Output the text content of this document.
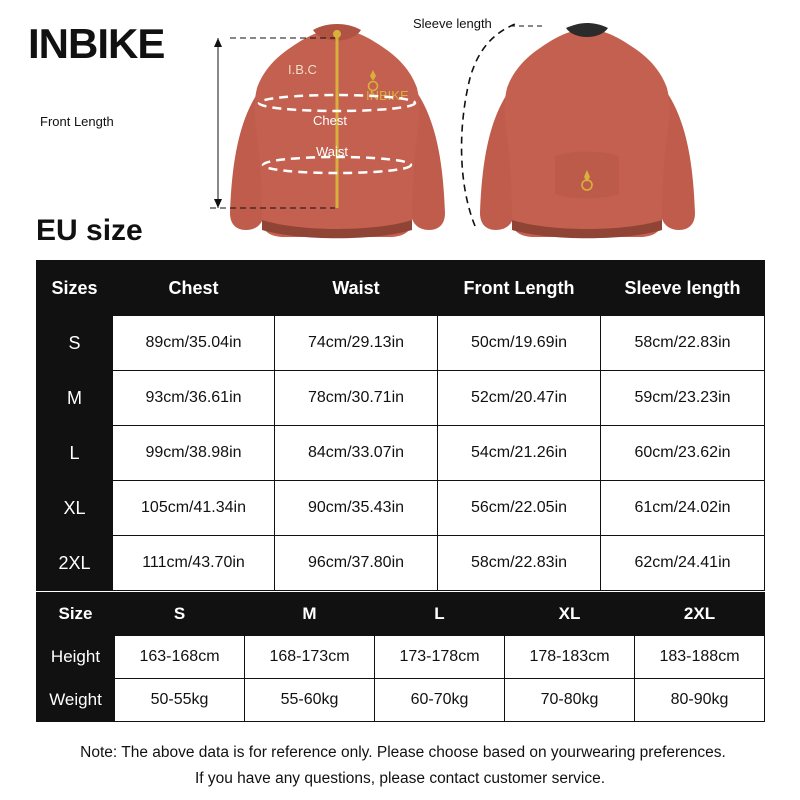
INBIKE
I.B.C
INBIKE
Chest
Waist
Front Length
Sleeve length
EU size
Sizes	Chest	Waist	Front Length	Sleeve length
S	89cm/35.04in	74cm/29.13in	50cm/19.69in	58cm/22.83in
M	93cm/36.61in	78cm/30.71in	52cm/20.47in	59cm/23.23in
L	99cm/38.98in	84cm/33.07in	54cm/21.26in	60cm/23.62in
XL	105cm/41.34in	90cm/35.43in	56cm/22.05in	61cm/24.02in
2XL	111cm/43.70in	96cm/37.80in	58cm/22.83in	62cm/24.41in
Size	S	M	L	XL	2XL
Height	163-168cm	168-173cm	173-178cm	178-183cm	183-188cm
Weight	50-55kg	55-60kg	60-70kg	70-80kg	80-90kg
Note: The above data is for reference only. Please choose based on yourwearing preferences.
If you have any questions, please contact customer service.
